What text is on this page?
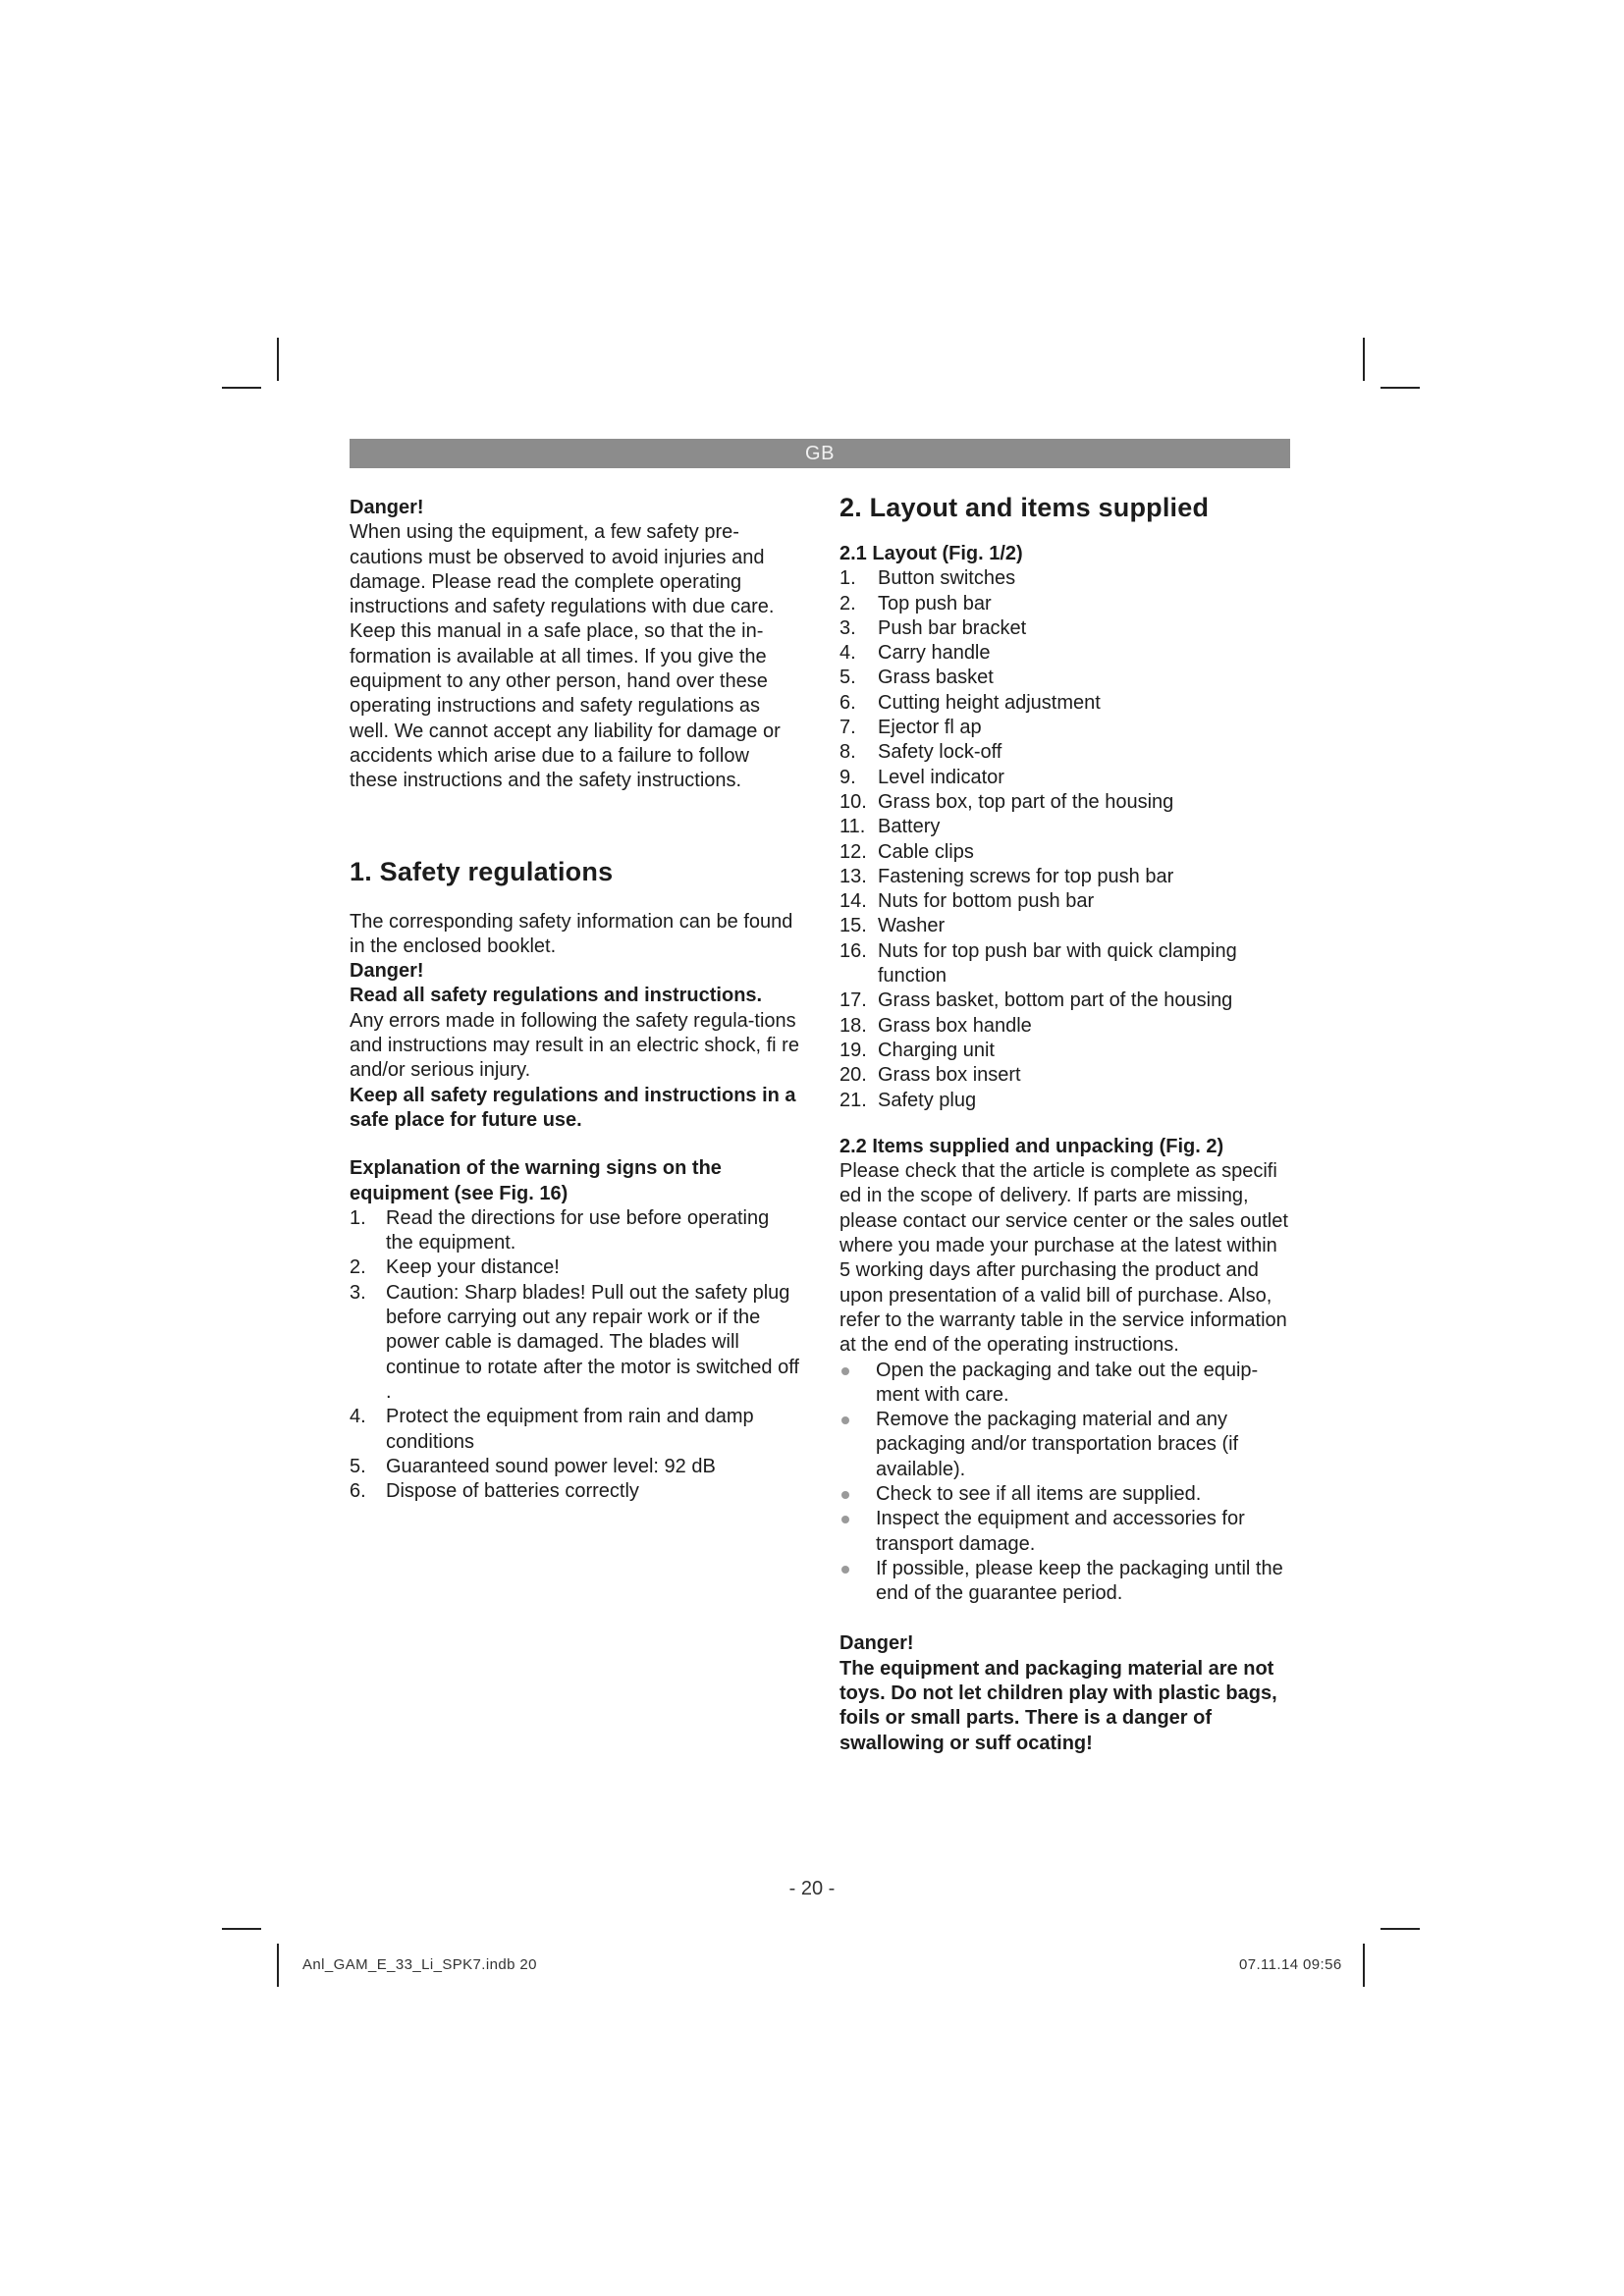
GB

Danger!

When using the equipment, a few safety pre-cautions must be observed to avoid injuries and damage. Please read the complete operating instructions and safety regulations with due care. Keep this manual in a safe place, so that the in-formation is available at all times. If you give the equipment to any other person, hand over these operating instructions and safety regulations as well. We cannot accept any liability for damage or accidents which arise due to a failure to follow these instructions and the safety instructions.

1. Safety regulations

The corresponding safety information can be found in the enclosed booklet.

Danger!

Read all safety regulations and instructions.

Any errors made in following the safety regula-tions and instructions may result in an electric shock, fi re and/or serious injury.

Keep all safety regulations and instructions in a safe place for future use.

Explanation of the warning signs on the equipment (see Fig. 16)
1. Read the directions for use before operating the equipment.
2. Keep your distance!
3. Caution: Sharp blades! Pull out the safety plug before carrying out any repair work or if the power cable is damaged. The blades will continue to rotate after the motor is switched off .
4. Protect the equipment from rain and damp conditions
5. Guaranteed sound power level: 92 dB
6. Dispose of batteries correctly
2. Layout and items supplied
2.1 Layout (Fig. 1/2)
1. Button switches
2. Top push bar
3. Push bar bracket
4. Carry handle
5. Grass basket
6. Cutting height adjustment
7. Ejector fl ap
8. Safety lock-off
9. Level indicator
10. Grass box, top part of the housing
11. Battery
12. Cable clips
13. Fastening screws for top push bar
14. Nuts for bottom push bar
15. Washer
16. Nuts for top push bar with quick clamping function
17. Grass basket, bottom part of the housing
18. Grass box handle
19. Charging unit
20. Grass box insert
21. Safety plug
2.2 Items supplied and unpacking (Fig. 2)

Please check that the article is complete as specifi ed in the scope of delivery. If parts are missing, please contact our service center or the sales outlet where you made your purchase at the latest within 5 working days after purchasing the product and upon presentation of a valid bill of purchase. Also, refer to the warranty table in the service information at the end of the operating instructions.

Open the packaging and take out the equip-ment with care.
Remove the packaging material and any packaging and/or transportation braces (if available).
Check to see if all items are supplied.
Inspect the equipment and accessories for transport damage.
If possible, please keep the packaging until the end of the guarantee period.

Danger!

The equipment and packaging material are not toys. Do not let children play with plastic bags, foils or small parts. There is a danger of swallowing or suff ocating!

- 20 -
Anl_GAM_E_33_Li_SPK7.indb 20	07.11.14 09:56
